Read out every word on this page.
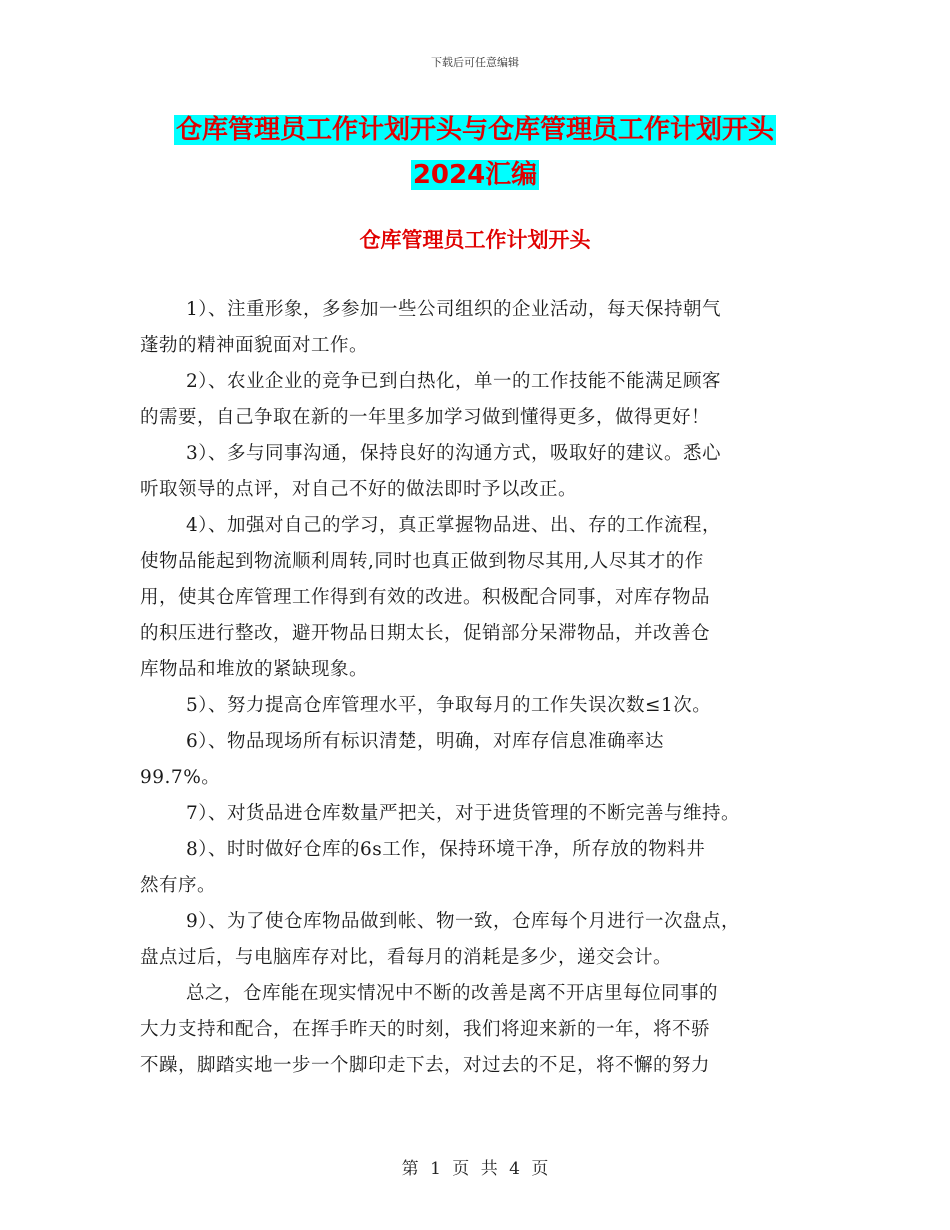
下载后可任意编辑
仓库管理员工作计划开头与仓库管理员工作计划开头
2024汇编
仓库管理员工作计划开头
1）、注重形象，多参加一些公司组织的企业活动，每天保持朝气
蓬勃的精神面貌面对工作。
2）、农业企业的竞争已到白热化，单一的工作技能不能满足顾客
的需要，自己争取在新的一年里多加学习做到懂得更多，做得更好！
3）、多与同事沟通，保持良好的沟通方式，吸取好的建议。悉心
听取领导的点评，对自己不好的做法即时予以改正。
4）、加强对自己的学习，真正掌握物品进、出、存的工作流程，
使物品能起到物流顺利周转,同时也真正做到物尽其用,人尽其才的作
用，使其仓库管理工作得到有效的改进。积极配合同事，对库存物品
的积压进行整改，避开物品日期太长，促销部分呆滞物品，并改善仓
库物品和堆放的紧缺现象。
5）、努力提高仓库管理水平，争取每月的工作失误次数≤1次。
6）、物品现场所有标识清楚，明确，对库存信息准确率达
99.7%。
7）、对货品进仓库数量严把关，对于进货管理的不断完善与维持。
8）、时时做好仓库的6s工作，保持环境干净，所存放的物料井
然有序。
9）、为了使仓库物品做到帐、物一致，仓库每个月进行一次盘点，
盘点过后，与电脑库存对比，看每月的消耗是多少，递交会计。
总之，仓库能在现实情况中不断的改善是离不开店里每位同事的
大力支持和配合，在挥手昨天的时刻，我们将迎来新的一年，将不骄
不躁，脚踏实地一步一个脚印走下去，对过去的不足，将不懈的努力
第 1 页 共 4 页
